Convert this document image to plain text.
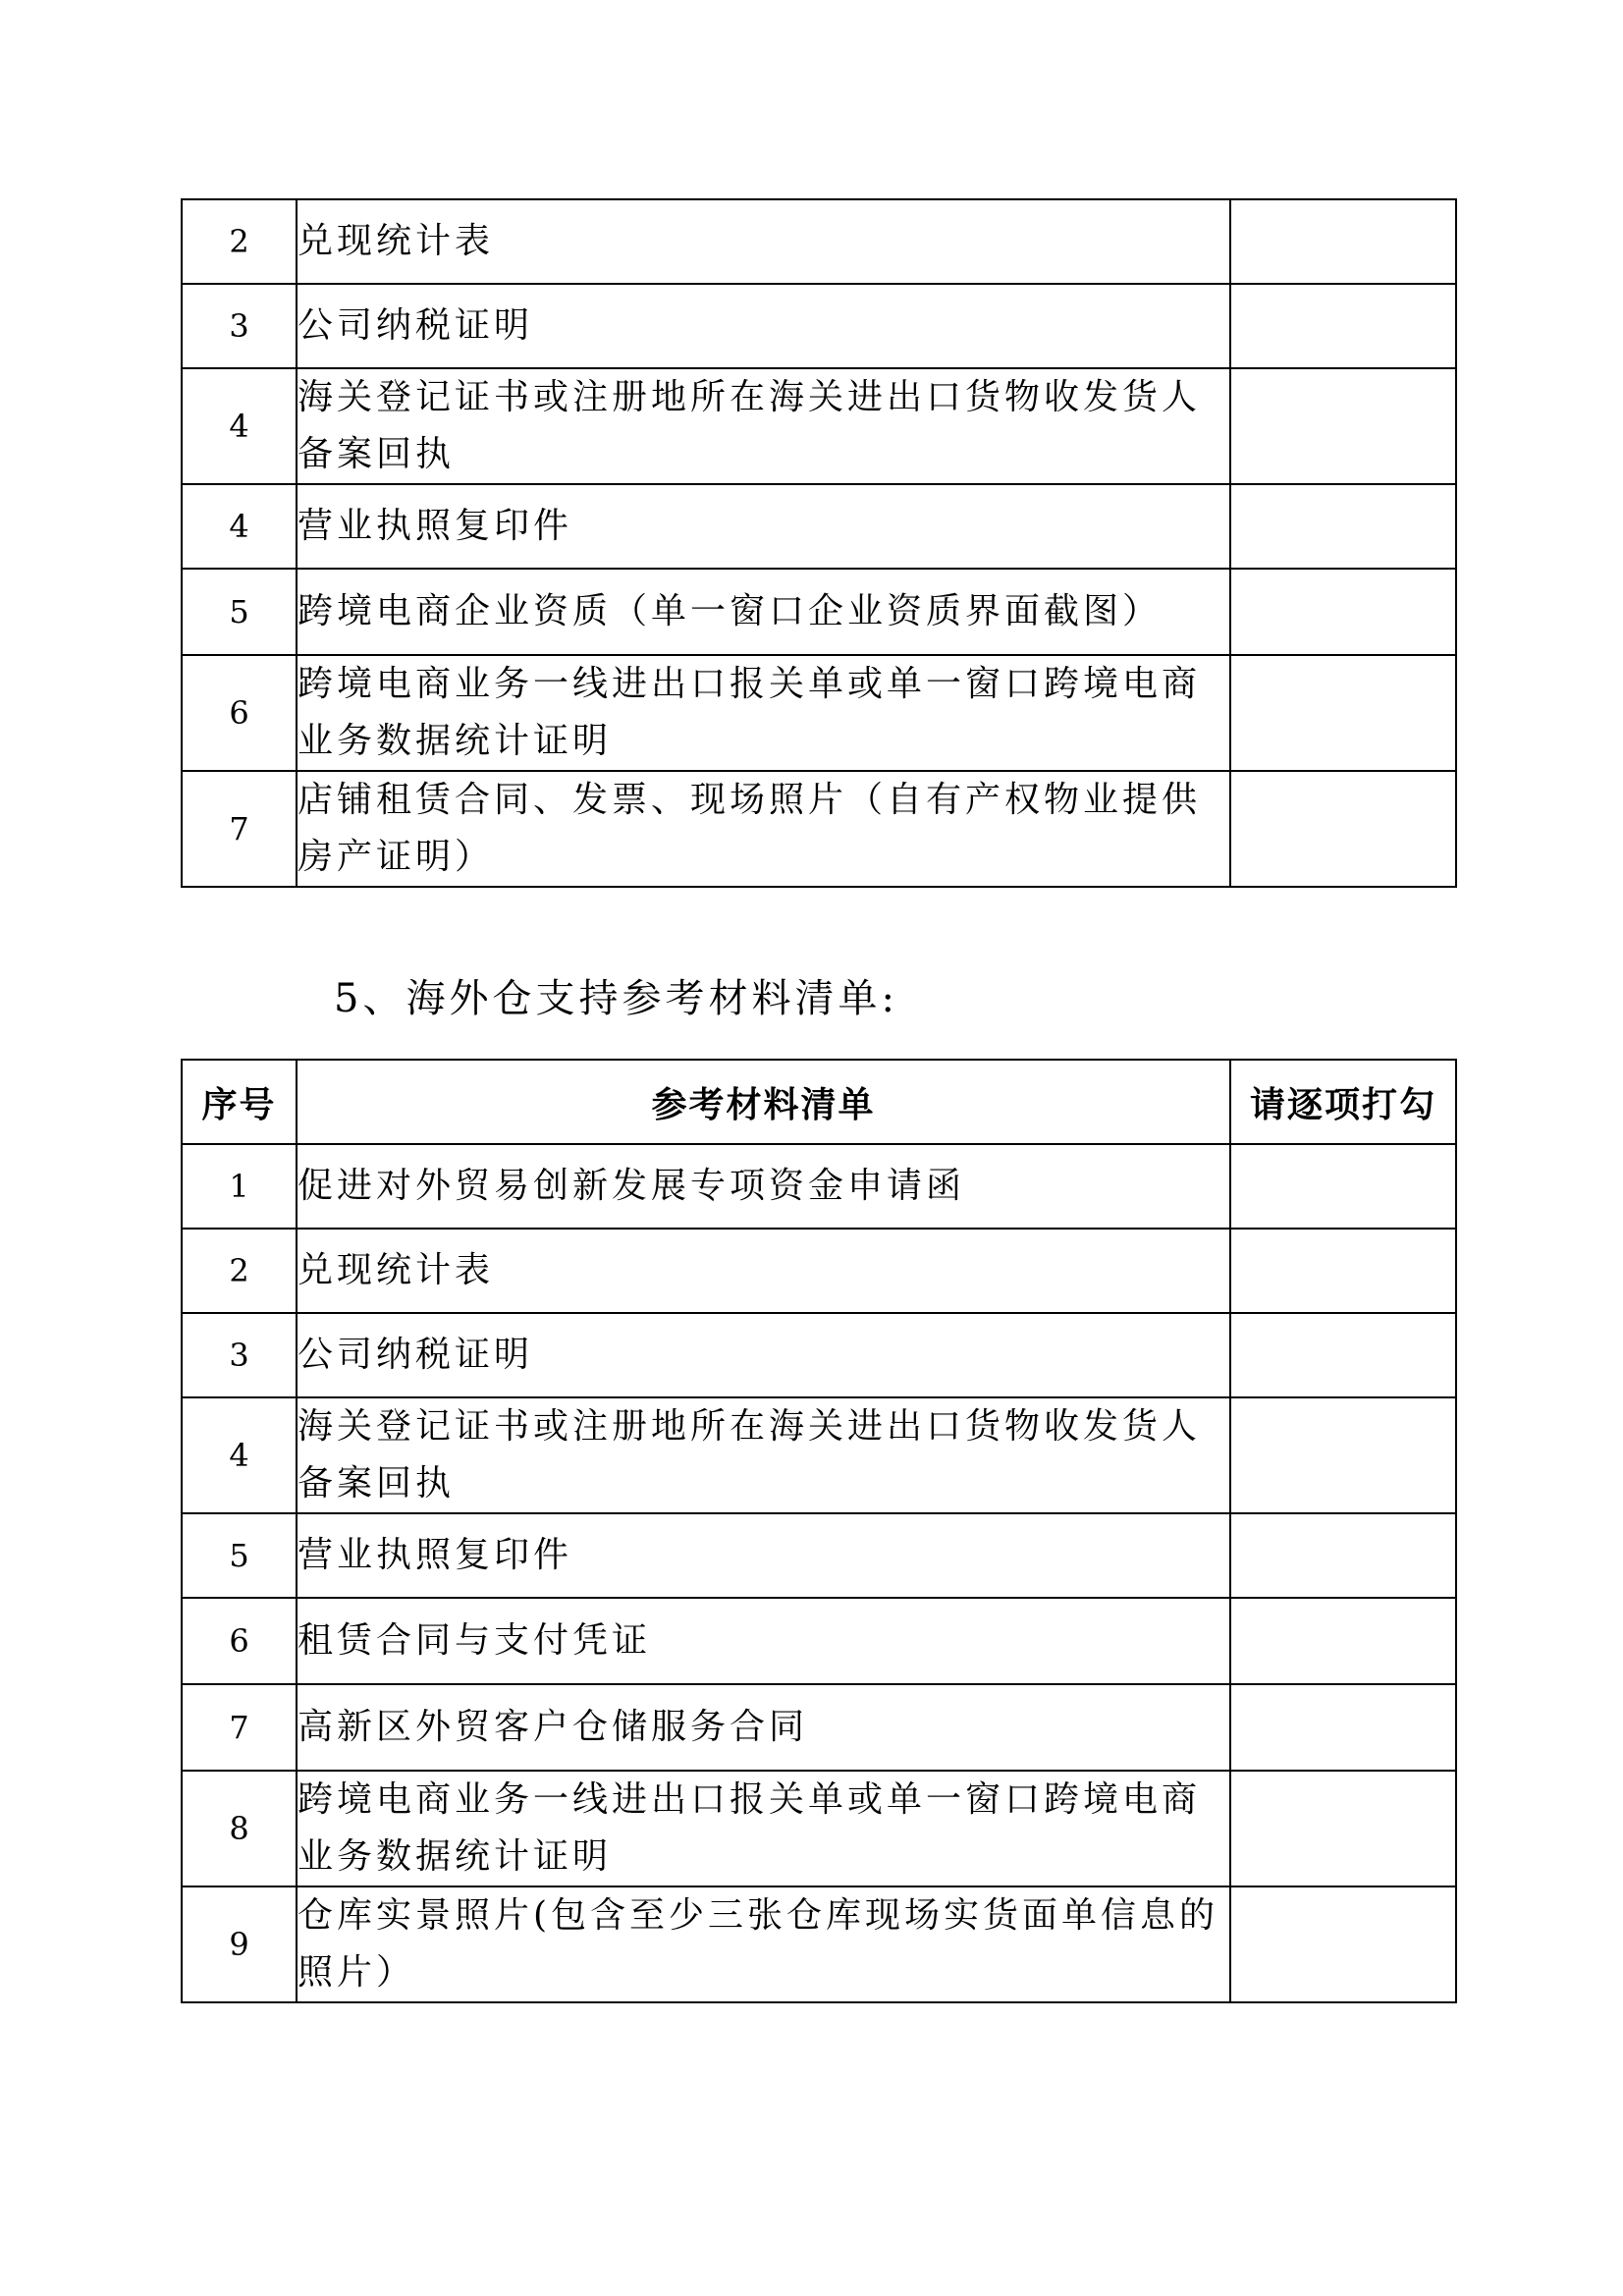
2	兑现统计表	
3	公司纳税证明	
4	海关登记证书或注册地所在海关进出口货物收发货人备案回执	
4	营业执照复印件	
5	跨境电商企业资质（单一窗口企业资质界面截图）	
6	跨境电商业务一线进出口报关单或单一窗口跨境电商业务数据统计证明	
7	店铺租赁合同、发票、现场照片（自有产权物业提供房产证明）	
5、海外仓支持参考材料清单:
序号	参考材料清单	请逐项打勾
1	促进对外贸易创新发展专项资金申请函	
2	兑现统计表	
3	公司纳税证明	
4	海关登记证书或注册地所在海关进出口货物收发货人备案回执	
5	营业执照复印件	
6	租赁合同与支付凭证	
7	高新区外贸客户仓储服务合同	
8	跨境电商业务一线进出口报关单或单一窗口跨境电商业务数据统计证明	
9	仓库实景照片(包含至少三张仓库现场实货面单信息的照片）	
